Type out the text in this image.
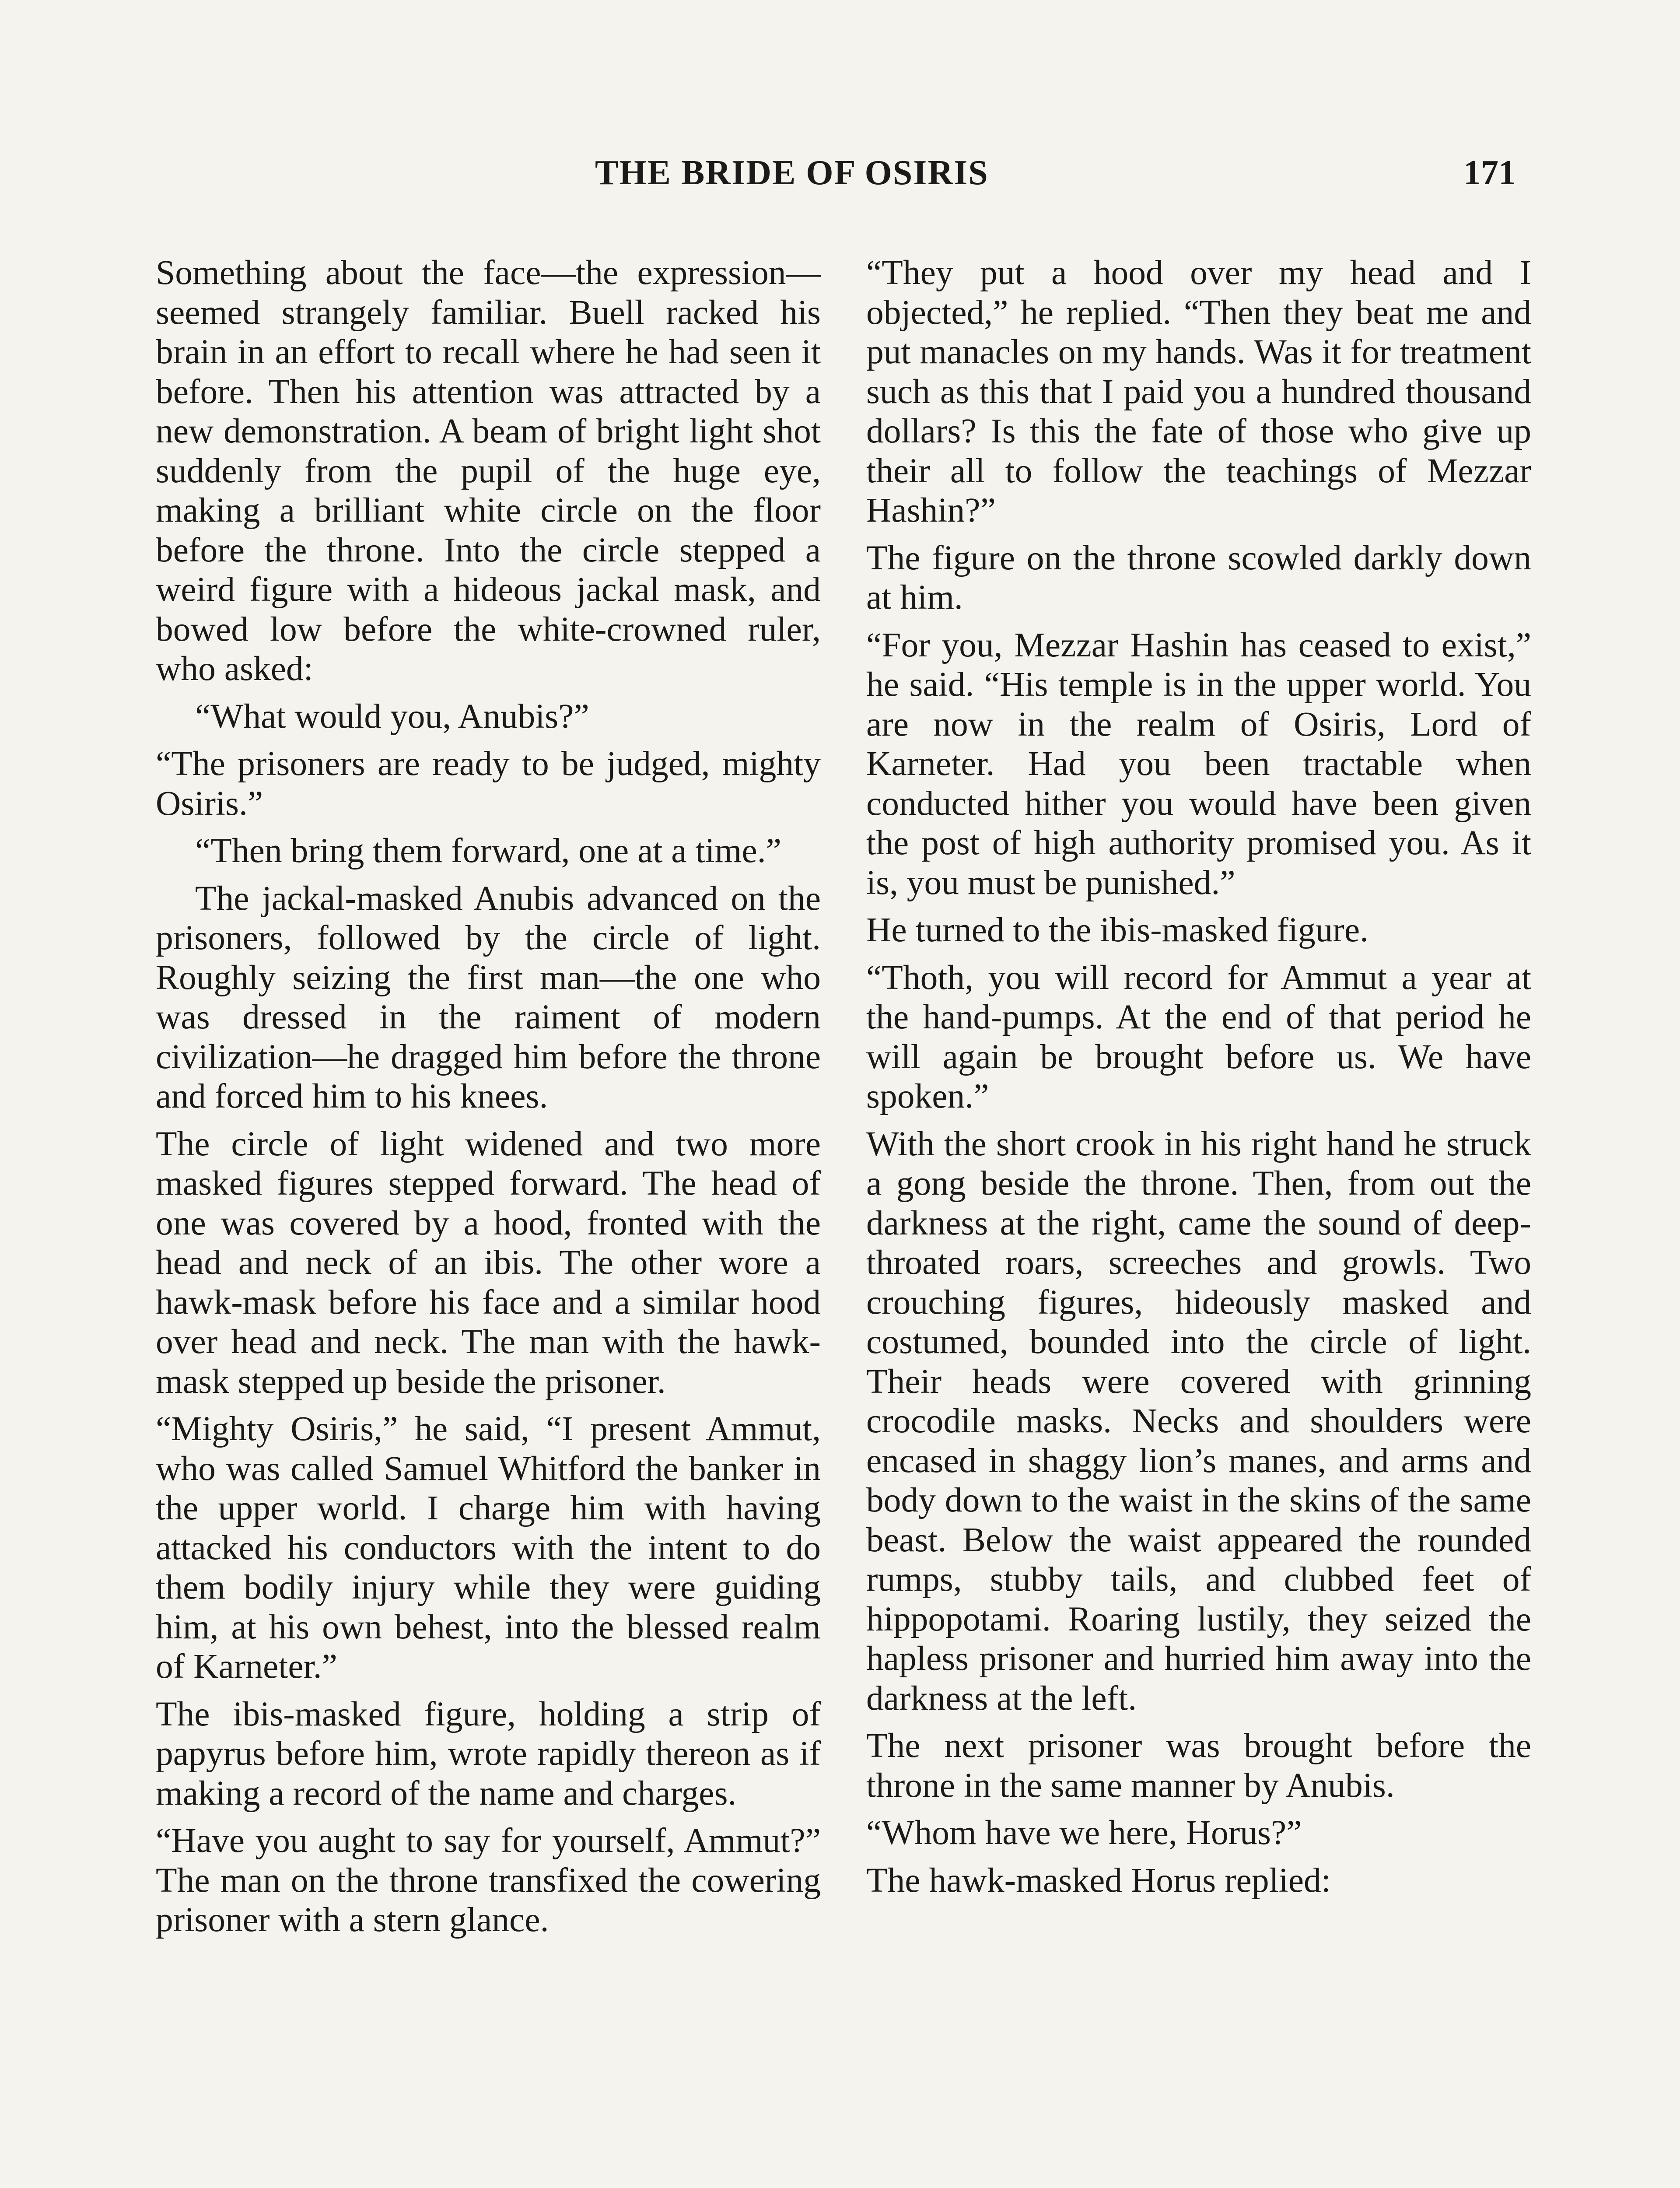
THE BRIDE OF OSIRIS	171

Something about the face—the expression—seemed strangely familiar. Buell racked his brain in an effort to recall where he had seen it before. Then his attention was attracted by a new demonstration. A beam of bright light shot suddenly from the pupil of the huge eye, making a brilliant white circle on the floor before the throne. Into the circle stepped a weird figure with a hideous jackal mask, and bowed low before the white-crowned ruler, who asked:

“What would you, Anubis?”

“The prisoners are ready to be judged, mighty Osiris.”

“Then bring them forward, one at a time.”

The jackal-masked Anubis advanced on the prisoners, followed by the circle of light. Roughly seizing the first man—the one who was dressed in the raiment of modern civilization—he dragged him before the throne and forced him to his knees.

The circle of light widened and two more masked figures stepped forward. The head of one was covered by a hood, fronted with the head and neck of an ibis. The other wore a hawk-mask before his face and a similar hood over head and neck. The man with the hawk-mask stepped up beside the prisoner.

“Mighty Osiris,” he said, “I present Ammut, who was called Samuel Whitford the banker in the upper world. I charge him with having attacked his conductors with the intent to do them bodily injury while they were guiding him, at his own behest, into the blessed realm of Karneter.”

The ibis-masked figure, holding a strip of papyrus before him, wrote rapidly thereon as if making a record of the name and charges.

“Have you aught to say for yourself, Ammut?” The man on the throne transfixed the cowering prisoner with a stern glance.

“They put a hood over my head and I objected,” he replied. “Then they beat me and put manacles on my hands. Was it for treatment such as this that I paid you a hundred thousand dollars? Is this the fate of those who give up their all to follow the teachings of Mezzar Hashin?”

The figure on the throne scowled darkly down at him.

“For you, Mezzar Hashin has ceased to exist,” he said. “His temple is in the upper world. You are now in the realm of Osiris, Lord of Karneter. Had you been tractable when conducted hither you would have been given the post of high authority promised you. As it is, you must be punished.”

He turned to the ibis-masked figure.

“Thoth, you will record for Ammut a year at the hand-pumps. At the end of that period he will again be brought before us. We have spoken.”

With the short crook in his right hand he struck a gong beside the throne. Then, from out the darkness at the right, came the sound of deep-throated roars, screeches and growls. Two crouching figures, hideously masked and costumed, bounded into the circle of light. Their heads were covered with grinning crocodile masks. Necks and shoulders were encased in shaggy lion’s manes, and arms and body down to the waist in the skins of the same beast. Below the waist appeared the rounded rumps, stubby tails, and clubbed feet of hippopotami. Roaring lustily, they seized the hapless prisoner and hurried him away into the darkness at the left.

The next prisoner was brought before the throne in the same manner by Anubis.

“Whom have we here, Horus?”

The hawk-masked Horus replied:
